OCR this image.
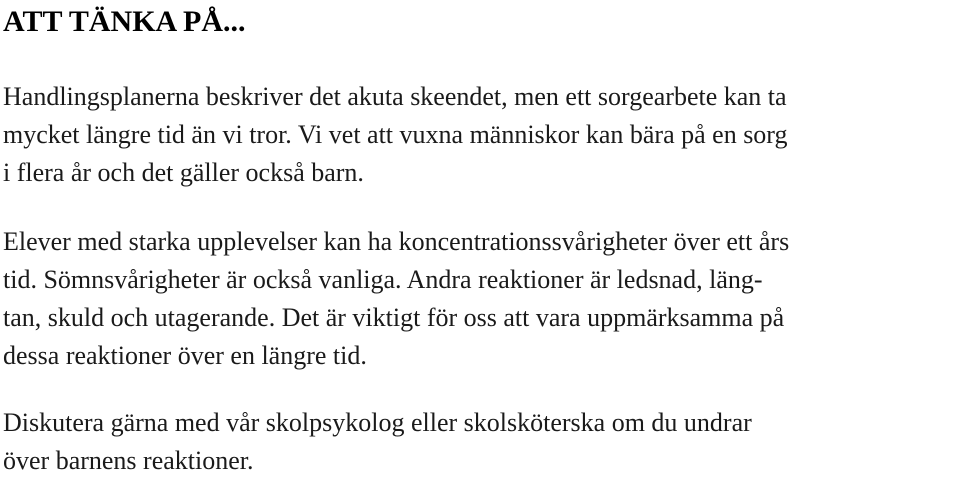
ATT TÄNKA PÅ...

Handlingsplanerna beskriver det akuta skeendet, men ett sorgearbete kan ta
mycket längre tid än vi tror. Vi vet att vuxna människor kan bära på en sorg
i flera år och det gäller också barn.

Elever med starka upplevelser kan ha koncentrationssvårigheter över ett års
tid. Sömnsvårigheter är också vanliga. Andra reaktioner är ledsnad, läng-
tan, skuld och utagerande. Det är viktigt för oss att vara uppmärksamma på
dessa reaktioner över en längre tid.

Diskutera gärna med vår skolpsykolog eller skolsköterska om du undrar
över barnens reaktioner.
